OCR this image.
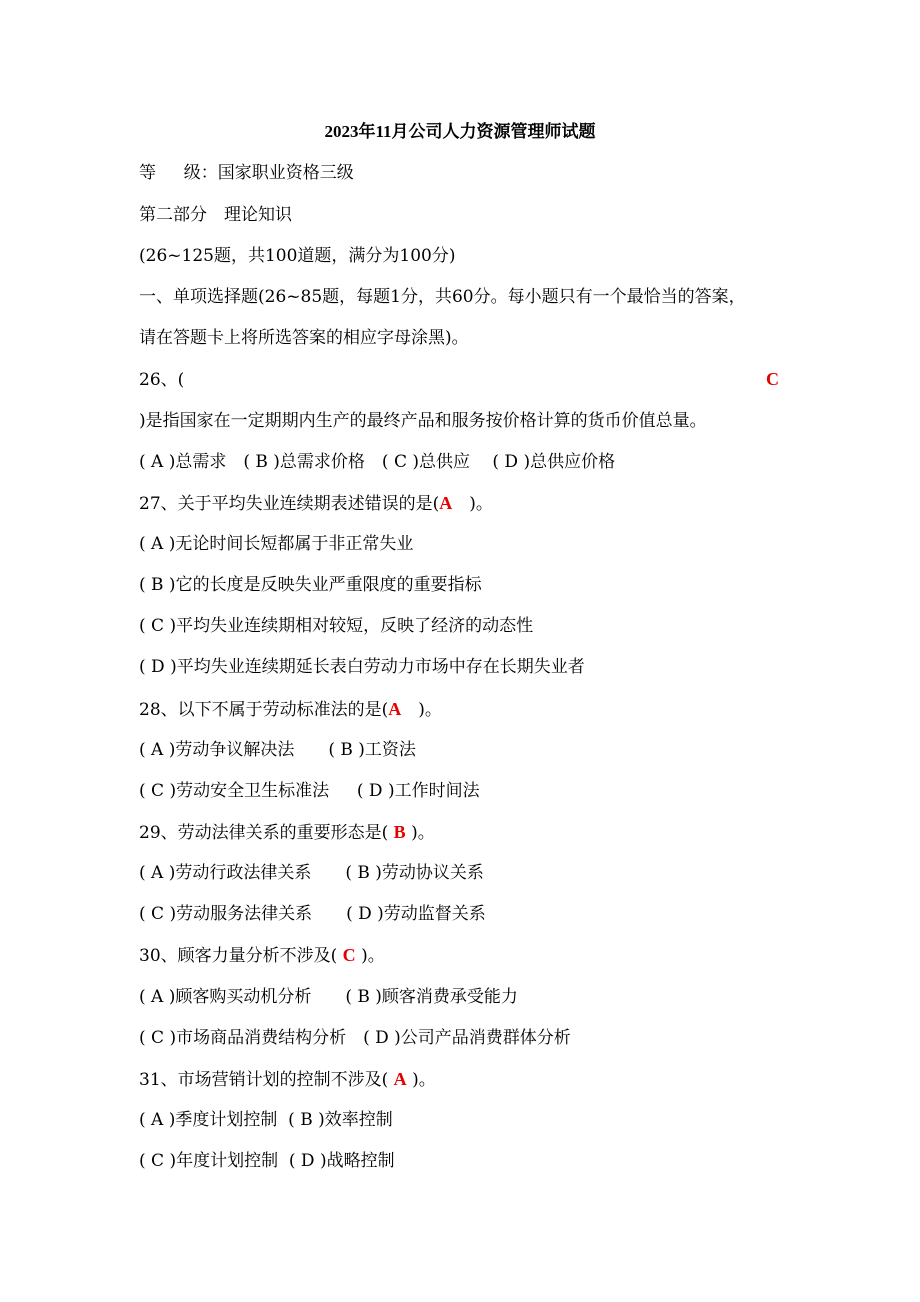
2023年11月公司人力资源管理师试题
等　  级：国家职业资格三级
第二部分　理论知识
(26~125题，共100道题，满分为100分)
一、单项选择题(26~85题，每题1分，共60分。每小题只有一个最恰当的答案，
请在答题卡上将所选答案的相应字母涂黑)。
26、(	C
)是指国家在一定期期内生产的最终产品和服务按价格计算的货币价值总量。
( A )总需求　( B )总需求价格　( C )总供应　 ( D )总供应价格
27、关于平均失业连续期表述错误的是(A　)。
( A )无论时间长短都属于非正常失业
( B )它的长度是反映失业严重限度的重要指标
( C )平均失业连续期相对较短，反映了经济的动态性
( D )平均失业连续期延长表白劳动力市场中存在长期失业者
28、以下不属于劳动标准法的是(A　)。
( A )劳动争议解决法　　( B )工资法
( C )劳动安全卫生标准法　  ( D )工作时间法
29、劳动法律关系的重要形态是( B )。
( A )劳动行政法律关系　　( B )劳动协议关系
( C )劳动服务法律关系　　( D )劳动监督关系
30、顾客力量分析不涉及( C )。
( A )顾客购买动机分析　　( B )顾客消费承受能力
( C )市场商品消费结构分析　( D )公司产品消费群体分析
31、市场营销计划的控制不涉及( A )。
( A )季度计划控制  ( B )效率控制
( C )年度计划控制  ( D )战略控制
